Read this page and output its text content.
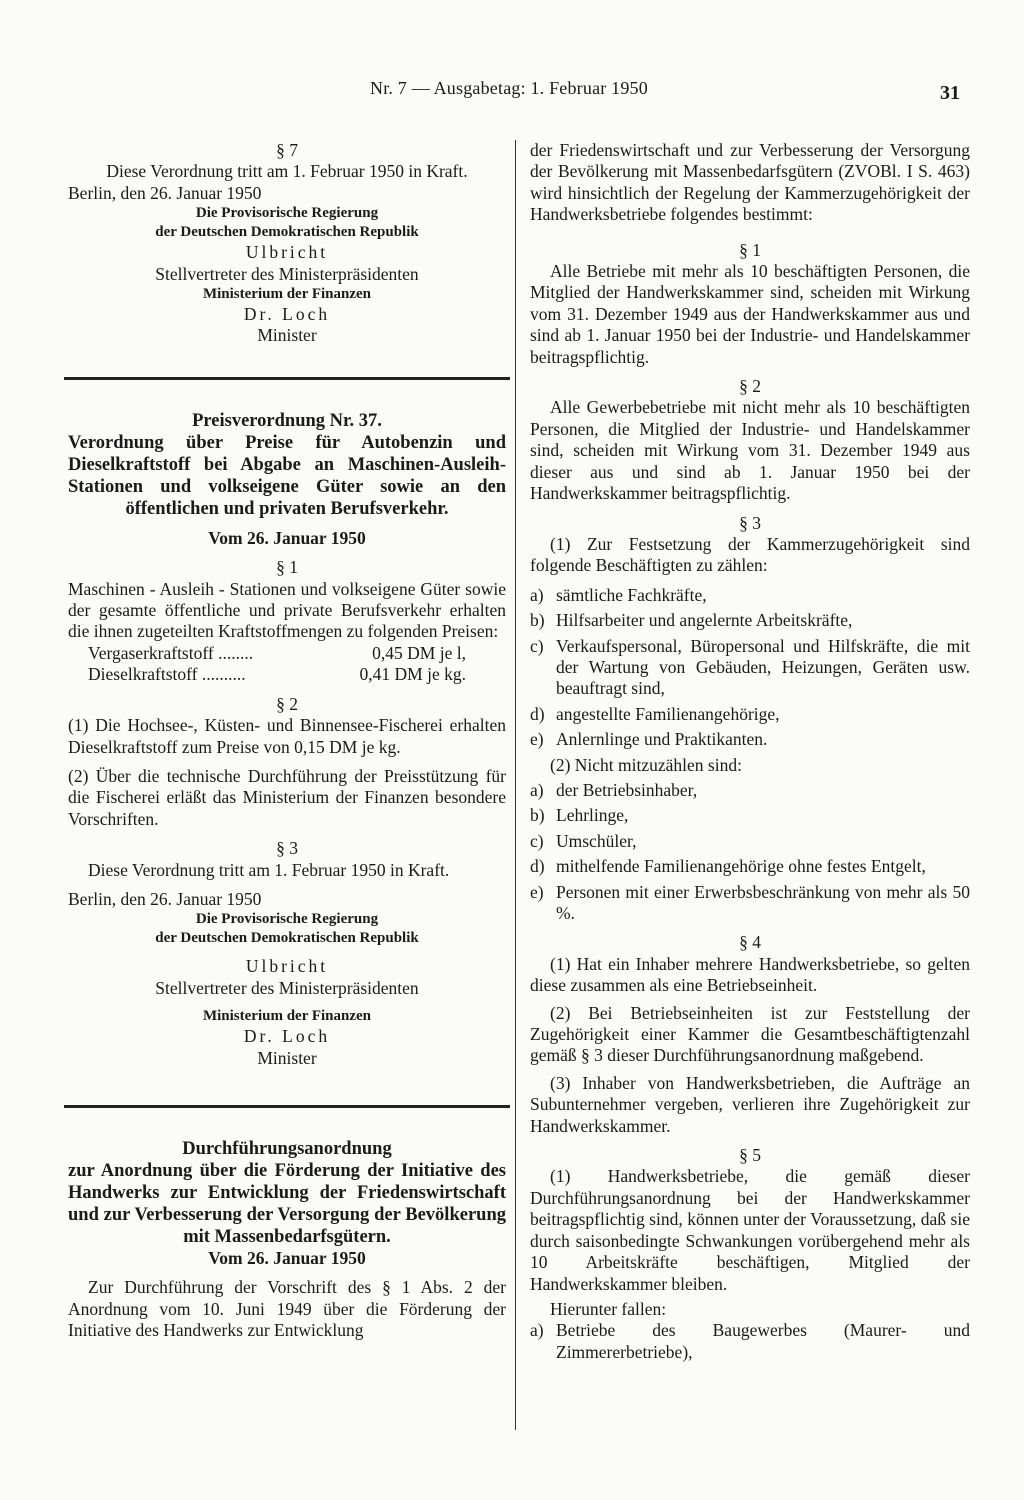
Nr. 7 — Ausgabetag: 1. Februar 1950	31
§ 7
Diese Verordnung tritt am 1. Februar 1950 in Kraft.
Berlin, den 26. Januar 1950
Die Provisorische Regierung
der Deutschen Demokratischen Republik
Ulbricht
Stellvertreter des Ministerpräsidenten
Ministerium der Finanzen
Dr. Loch
Minister
Preisverordnung Nr. 37.
Verordnung über Preise für Autobenzin und Dieselkraftstoff bei Abgabe an Maschinen-Ausleih-Stationen und volkseigene Güter sowie an den öffentlichen und privaten Berufsverkehr.
Vom 26. Januar 1950
§ 1
Maschinen - Ausleih - Stationen und volkseigene Güter sowie der gesamte öffentliche und private Berufsverkehr erhalten die ihnen zugeteilten Kraftstoffmengen zu folgenden Preisen:
Vergaserkraftstoff ........	0,45 DM je l,
Dieselkraftstoff ..........	0,41 DM je kg.
§ 2
(1) Die Hochsee-, Küsten- und Binnensee-Fischerei erhalten Dieselkraftstoff zum Preise von 0,15 DM je kg.
(2) Über die technische Durchführung der Preisstützung für die Fischerei erläßt das Ministerium der Finanzen besondere Vorschriften.
§ 3
Diese Verordnung tritt am 1. Februar 1950 in Kraft.
Berlin, den 26. Januar 1950
Die Provisorische Regierung
der Deutschen Demokratischen Republik
Ulbricht
Stellvertreter des Ministerpräsidenten
Ministerium der Finanzen
Dr. Loch
Minister
Durchführungsanordnung
zur Anordnung über die Förderung der Initiative des Handwerks zur Entwicklung der Friedenswirtschaft und zur Verbesserung der Versorgung der Bevölkerung mit Massenbedarfsgütern.
Vom 26. Januar 1950
Zur Durchführung der Vorschrift des § 1 Abs. 2 der Anordnung vom 10. Juni 1949 über die Förderung der Initiative des Handwerks zur Entwicklung
der Friedenswirtschaft und zur Verbesserung der Versorgung der Bevölkerung mit Massenbedarfsgütern (ZVOBl. I S. 463) wird hinsichtlich der Regelung der Kammerzugehörigkeit der Handwerksbetriebe folgendes bestimmt:
§ 1
Alle Betriebe mit mehr als 10 beschäftigten Personen, die Mitglied der Handwerkskammer sind, scheiden mit Wirkung vom 31. Dezember 1949 aus der Handwerkskammer aus und sind ab 1. Januar 1950 bei der Industrie- und Handelskammer beitragspflichtig.
§ 2
Alle Gewerbebetriebe mit nicht mehr als 10 beschäftigten Personen, die Mitglied der Industrie- und Handelskammer sind, scheiden mit Wirkung vom 31. Dezember 1949 aus dieser aus und sind ab 1. Januar 1950 bei der Handwerkskammer beitragspflichtig.
§ 3
(1) Zur Festsetzung der Kammerzugehörigkeit sind folgende Beschäftigten zu zählen:
a) sämtliche Fachkräfte,
b) Hilfsarbeiter und angelernte Arbeitskräfte,
c) Verkaufspersonal, Büropersonal und Hilfskräfte, die mit der Wartung von Gebäuden, Heizungen, Geräten usw. beauftragt sind,
d) angestellte Familienangehörige,
e) Anlernlinge und Praktikanten.
(2) Nicht mitzuzählen sind:
a) der Betriebsinhaber,
b) Lehrlinge,
c) Umschüler,
d) mithelfende Familienangehörige ohne festes Entgelt,
e) Personen mit einer Erwerbsbeschränkung von mehr als 50 %.
§ 4
(1) Hat ein Inhaber mehrere Handwerksbetriebe, so gelten diese zusammen als eine Betriebseinheit.
(2) Bei Betriebseinheiten ist zur Feststellung der Zugehörigkeit einer Kammer die Gesamtbeschäftigtenzahl gemäß § 3 dieser Durchführungsanordnung maßgebend.
(3) Inhaber von Handwerksbetrieben, die Aufträge an Subunternehmer vergeben, verlieren ihre Zugehörigkeit zur Handwerkskammer.
§ 5
(1) Handwerksbetriebe, die gemäß dieser Durchführungsanordnung bei der Handwerkskammer beitragspflichtig sind, können unter der Voraussetzung, daß sie durch saisonbedingte Schwankungen vorübergehend mehr als 10 Arbeitskräfte beschäftigen, Mitglied der Handwerkskammer bleiben.
Hierunter fallen:
a) Betriebe des Baugewerbes (Maurer- und Zimmererbetriebe),
